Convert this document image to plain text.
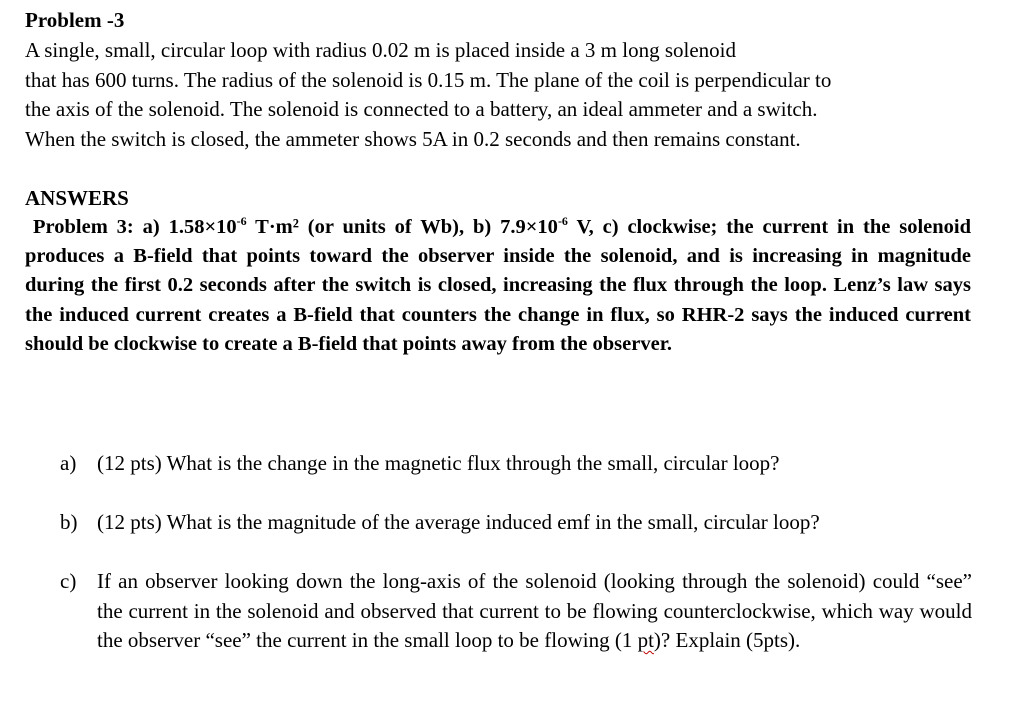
Problem -3
A single, small, circular loop with radius 0.02 m is placed inside a 3 m long solenoid
that has 600 turns. The radius of the solenoid is 0.15 m. The plane of the coil is perpendicular to
the axis of the solenoid. The solenoid is connected to a battery, an ideal ammeter and a switch.
When the switch is closed, the ammeter shows 5A in 0.2 seconds and then remains constant.
ANSWERS
Problem 3: a) $1.58\times 10^{-6}$ T·m² (or units of Wb), b) $7.9\times 10^{-6}$ V, c) clockwise; the current in the solenoid produces a B-field that points toward the observer inside the solenoid, and is increasing in magnitude during the first 0.2 seconds after the switch is closed, increasing the flux through the loop. Lenz’s law says the induced current creates a B-field that counters the change in flux, so RHR-2 says the induced current should be clockwise to create a B-field that points away from the observer.
a) (12 pts) What is the change in the magnetic flux through the small, circular loop?
b) (12 pts) What is the magnitude of the average induced emf in the small, circular loop?
c) If an observer looking down the long-axis of the solenoid (looking through the solenoid) could “see” the current in the solenoid and observed that current to be flowing counterclockwise, which way would the observer “see” the current in the small loop to be flowing (1 pt)? Explain (5pts).
